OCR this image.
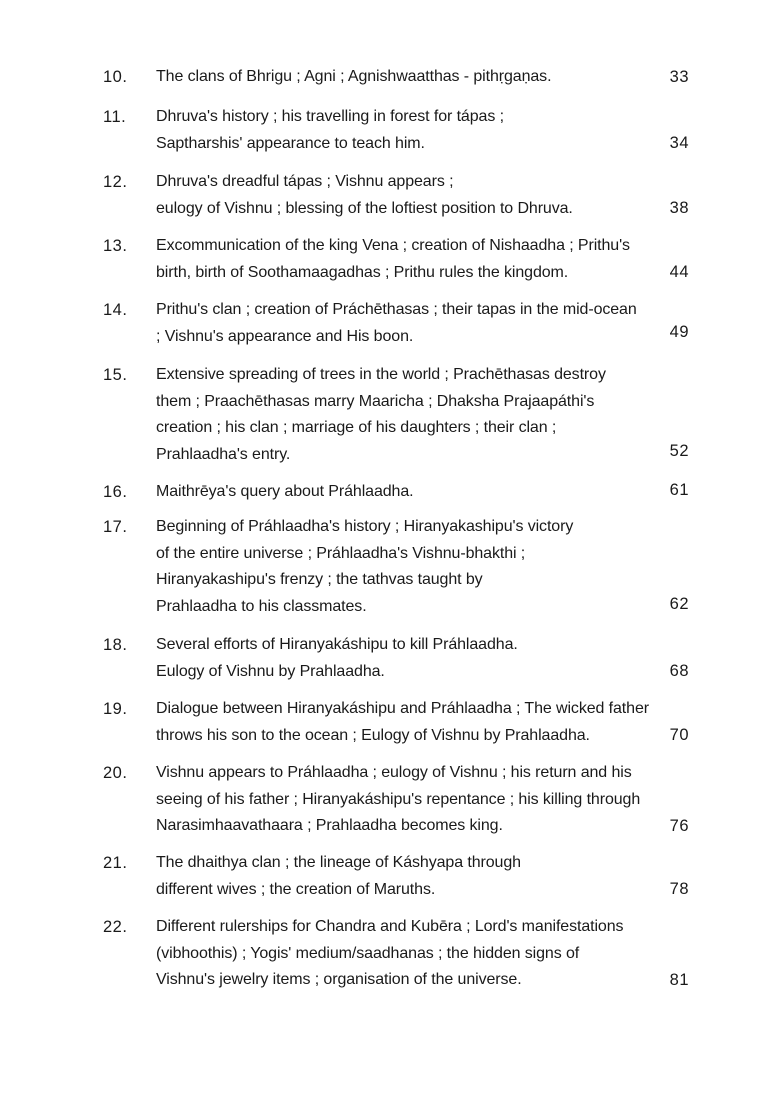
10. The clans of Bhrigu ; Agni ; Agnishwaatthas - pithṛgaṇas.	33
11. Dhruva's history ; his travelling in forest for tápas ;
Saptharshis' appearance to teach him.	34
12. Dhruva's dreadful tápas ; Vishnu appears ;
eulogy of Vishnu ; blessing of the loftiest position to Dhruva.	38
13. Excommunication of the king Vena ; creation of Nishaadha ; Prithu's
birth, birth of Soothamaagadhas ; Prithu rules the kingdom.	44
14. Prithu's clan ; creation of Práchēthasas ; their tapas in the mid-ocean
; Vishnu's appearance and His boon.	49
15. Extensive spreading of trees in the world ; Prachēthasas destroy
them ; Praachēthasas marry Maaricha ; Dhaksha Prajaapáthi's
creation ; his clan ; marriage of his daughters ; their clan ;
Prahlaadha's entry.	52
16. Maithrēya's query about Práhlaadha.	61
17. Beginning of Práhlaadha's history ; Hiranyakashipu's victory
of the entire universe ; Práhlaadha's Vishnu-bhakthi ;
Hiranyakashipu's frenzy ; the tathvas taught by
Prahlaadha to his classmates.	62
18. Several efforts of Hiranyakáshipu to kill Práhlaadha.
Eulogy of Vishnu by Prahlaadha.	68
19. Dialogue between Hiranyakáshipu and Práhlaadha ; The wicked father
throws his son to the ocean ; Eulogy of Vishnu by Prahlaadha.	70
20. Vishnu appears to Práhlaadha ; eulogy of Vishnu ; his return and his
seeing of his father ; Hiranyakáshipu's repentance ; his killing through
Narasimhaavathaara ; Prahlaadha becomes king.	76
21. The dhaithya clan ; the lineage of Káshyapa through
different wives ; the creation of Maruths.	78
22. Different rulerships for Chandra and Kubēra ; Lord's manifestations
(vibhoothis) ; Yogis' medium/saadhanas ; the hidden signs of
Vishnu's jewelry items ; organisation of the universe.	81
